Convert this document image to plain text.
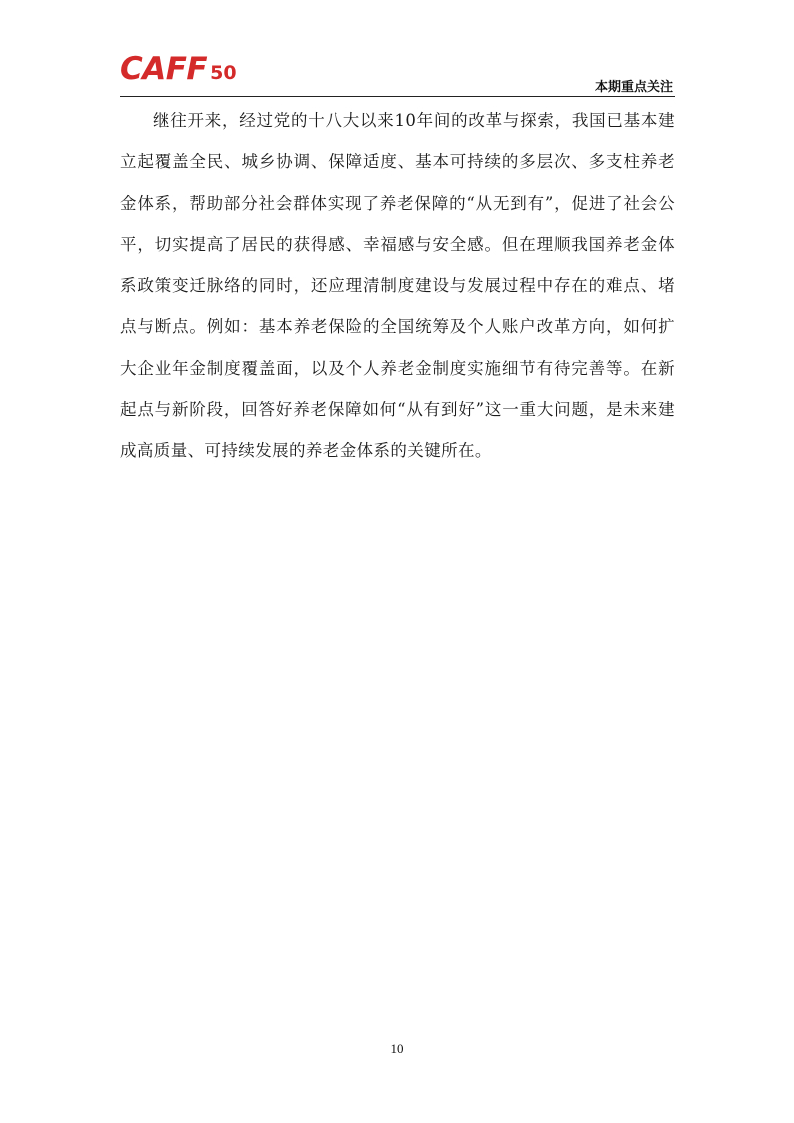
CAFF 50
本期重点关注

继往开来，经过党的十八大以来10年间的改革与探索，我国已基本建立起覆盖全民、城乡协调、保障适度、基本可持续的多层次、多支柱养老金体系，帮助部分社会群体实现了养老保障的“从无到有”，促进了社会公平，切实提高了居民的获得感、幸福感与安全感。但在理顺我国养老金体系政策变迁脉络的同时，还应理清制度建设与发展过程中存在的难点、堵点与断点。例如：基本养老保险的全国统筹及个人账户改革方向，如何扩大企业年金制度覆盖面，以及个人养老金制度实施细节有待完善等。在新起点与新阶段，回答好养老保障如何“从有到好”这一重大问题，是未来建成高质量、可持续发展的养老金体系的关键所在。

10
